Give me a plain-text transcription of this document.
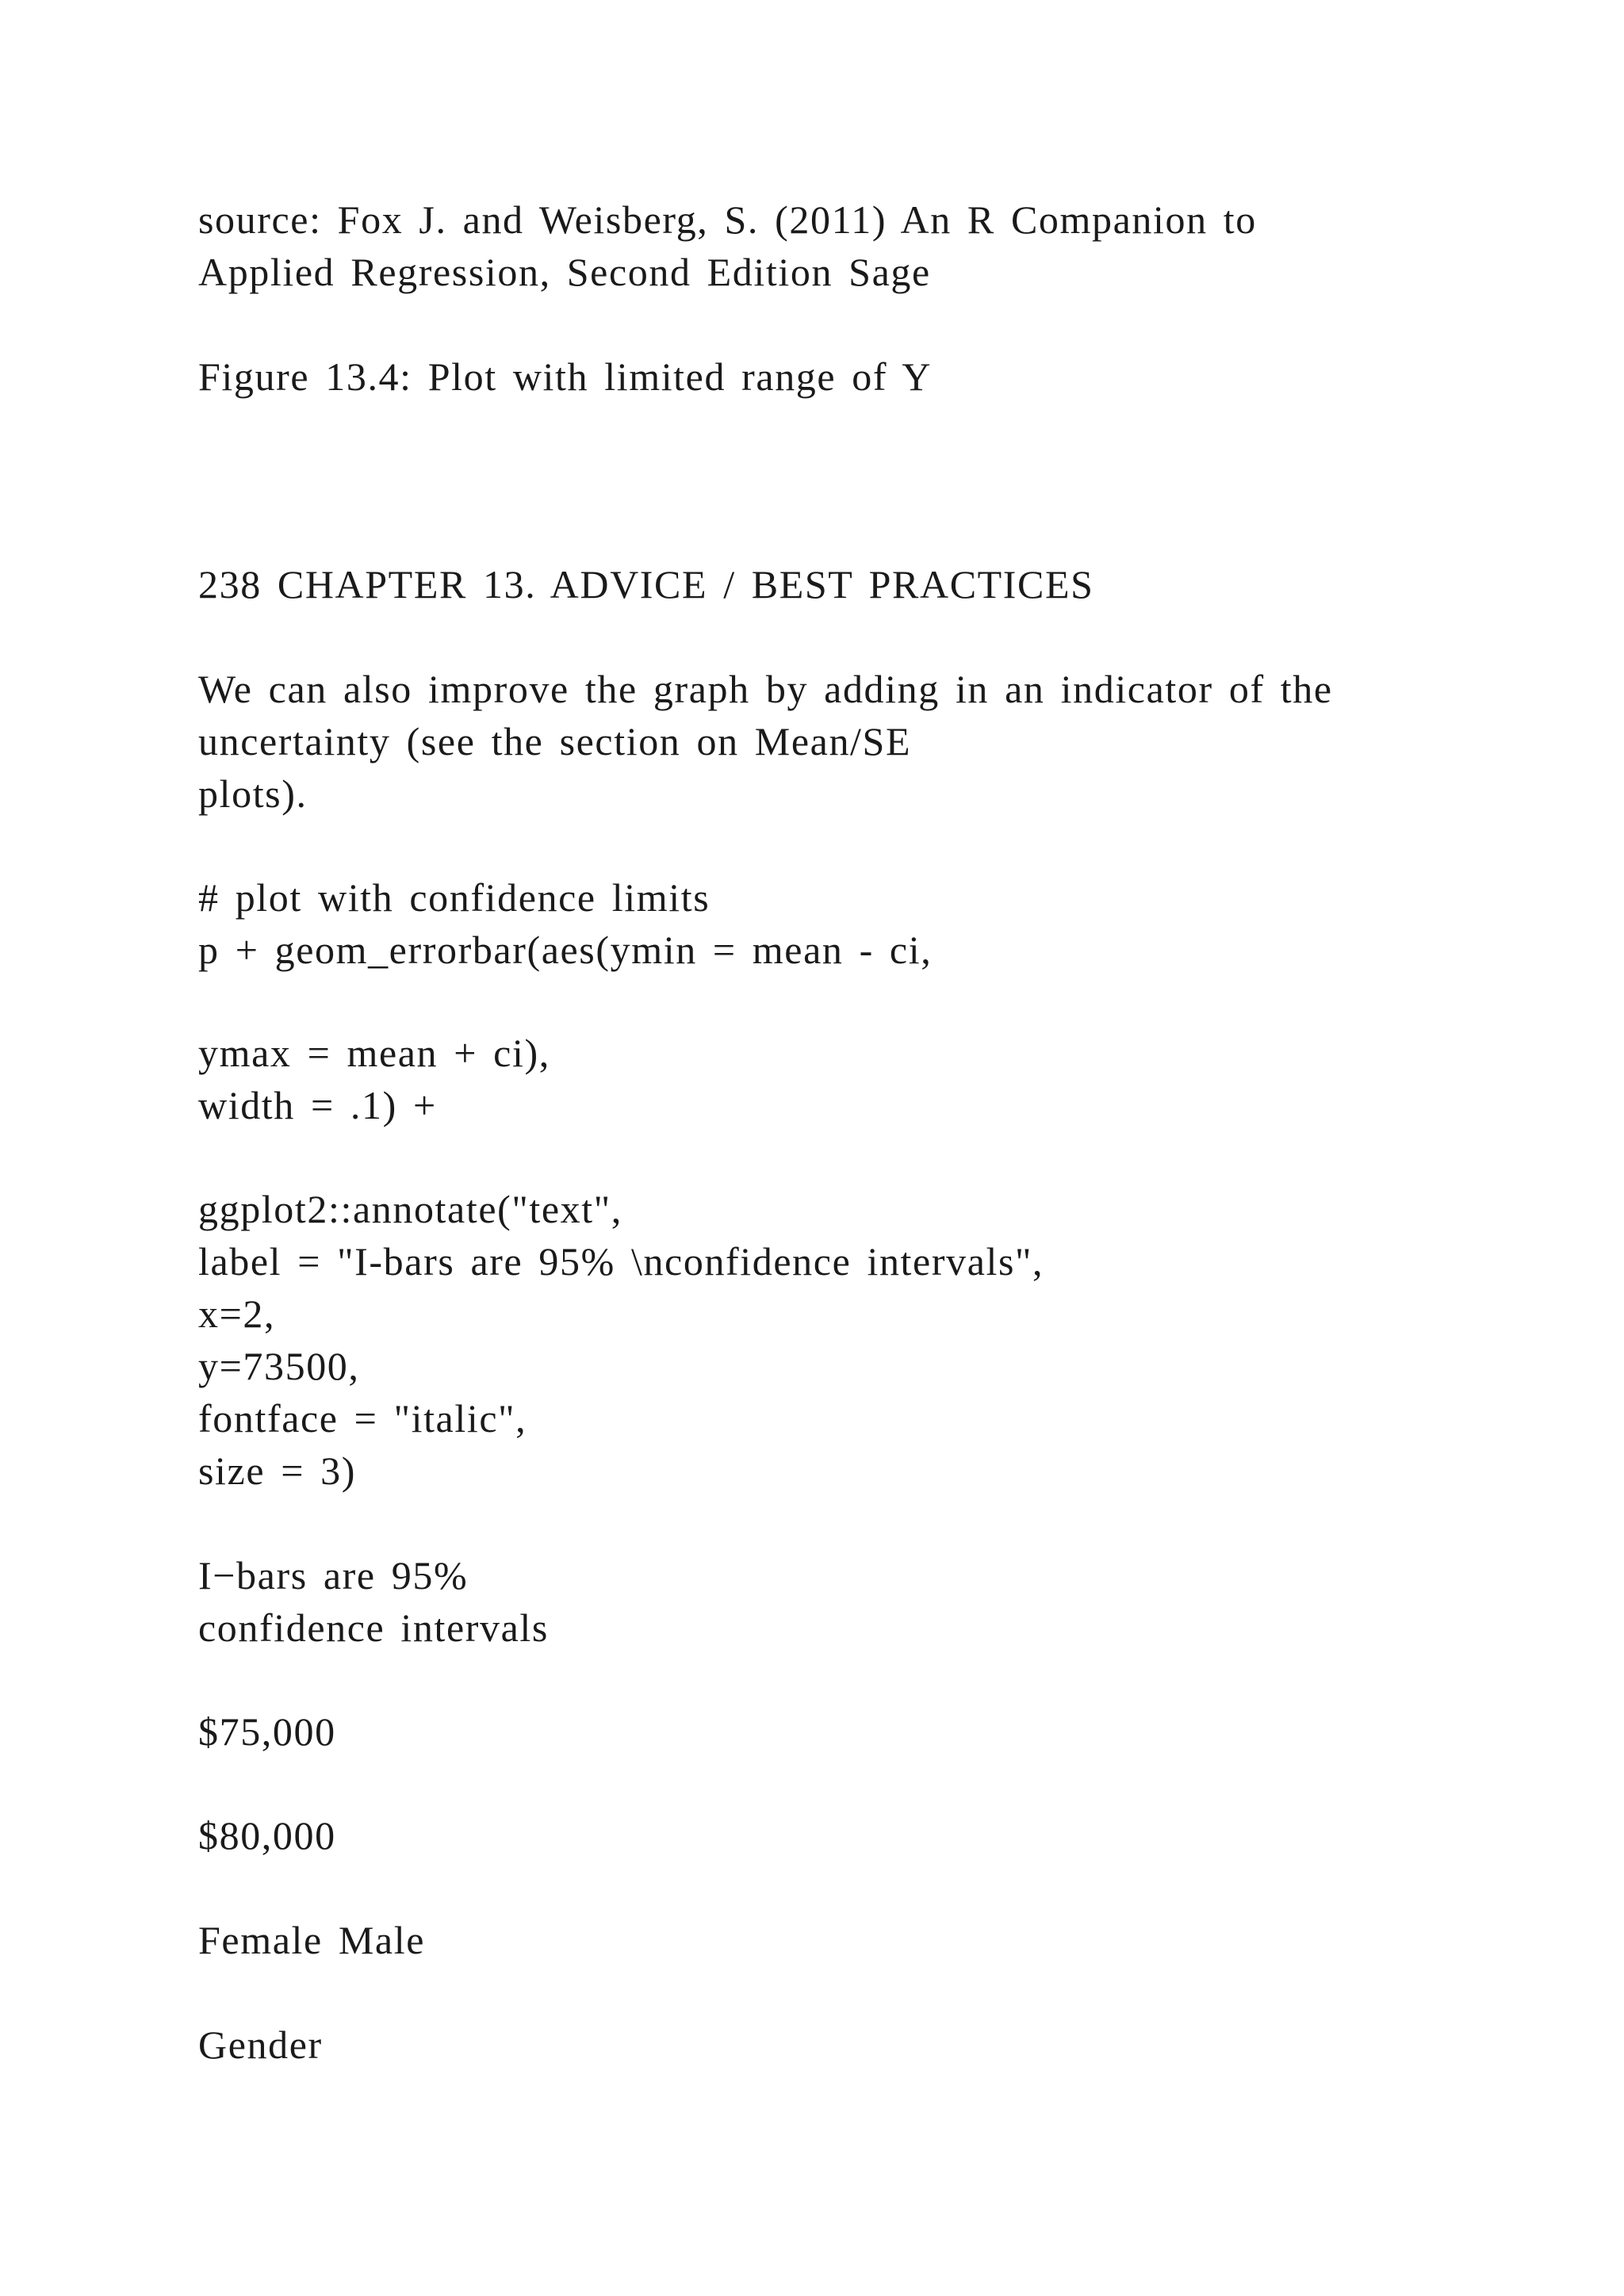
source: Fox J. and Weisberg, S. (2011) An R Companion to
Applied Regression, Second Edition Sage
Figure 13.4: Plot with limited range of Y
238 CHAPTER 13. ADVICE / BEST PRACTICES
We can also improve the graph by adding in an indicator of the
uncertainty (see the section on Mean/SE
plots).
# plot with confidence limits
p + geom_errorbar(aes(ymin = mean - ci,
ymax = mean + ci),
width = .1) +
ggplot2::annotate("text",
label = "I-bars are 95% \nconfidence intervals",
x=2,
y=73500,
fontface = "italic",
size = 3)
I−bars are 95%
confidence intervals
$75,000
$80,000
Female Male
Gender
